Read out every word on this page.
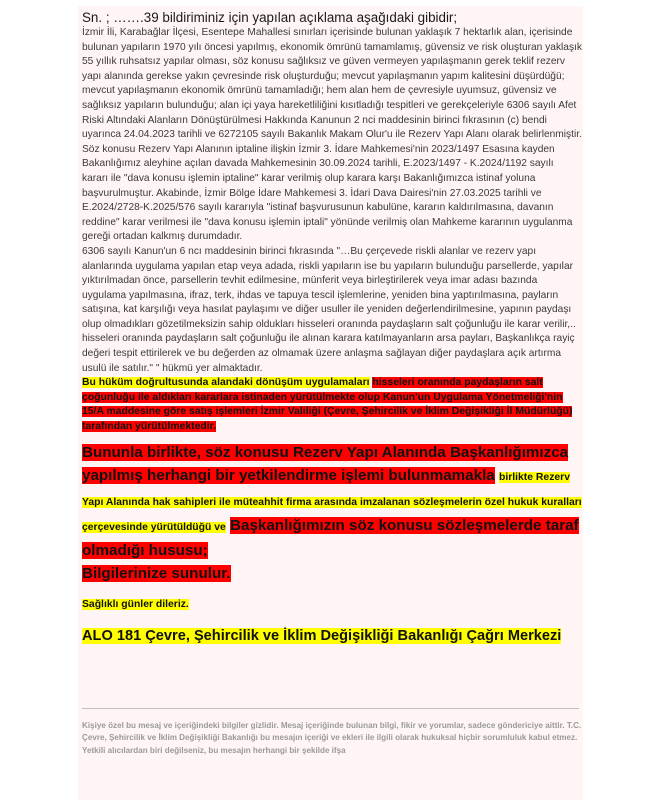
Sn. ; …….39 bildiriminiz için yapılan açıklama aşağıdaki gibidir;

İzmir İli, Karabağlar İlçesi, Esentepe Mahallesi sınırları içerisinde bulunan yaklaşık 7 hektarlık alan, içerisinde bulunan yapıların 1970 yılı öncesi yapılmış, ekonomik ömrünü tamamlamış, güvensiz ve risk oluşturan yaklaşık 55 yıllık ruhsatsız yapılar olması, söz konusu sağlıksız ve güven vermeyen yapılaşmanın gerek teklif rezerv yapı alanında gerekse yakın çevresinde risk oluşturduğu; mevcut yapılaşmanın yapım kalitesini düşürdüğü; mevcut yapılaşmanın ekonomik ömrünü tamamladığı; hem alan hem de çevresiyle uyumsuz, güvensiz ve sağlıksız yapıların bulunduğu; alan içi yaya hareketliliğini kısıtladığı tespitleri ve gerekçeleriyle 6306 sayılı Afet Riski Altındaki Alanların Dönüştürülmesi Hakkında Kanunun 2 nci maddesinin birinci fıkrasının (c) bendi uyarınca 24.04.2023 tarihli ve 6272105 sayılı Bakanlık Makam Olur'u ile Rezerv Yapı Alanı olarak belirlenmiştir.

Söz konusu Rezerv Yapı Alanının iptaline ilişkin İzmir 3. İdare Mahkemesi'nin 2023/1497 Esasına kayden Bakanlığımız aleyhine açılan davada Mahkemesinin 30.09.2024 tarihli, E.2023/1497 - K.2024/1192 sayılı kararı ile "dava konusu işlemin iptaline" karar verilmiş olup karara karşı Bakanlığımızca istinaf yoluna başvurulmuştur. Akabinde, İzmir Bölge İdare Mahkemesi 3. İdari Dava Dairesi'nin 27.03.2025 tarihli ve E.2024/2728-K.2025/576 sayılı kararıyla "istinaf başvurusunun kabulüne, kararın kaldırılmasına, davanın reddine" karar verilmesi ile "dava konusu işlemin iptali" yönünde verilmiş olan Mahkeme kararının uygulanma gereği ortadan kalkmış durumdadır.

6306 sayılı Kanun'un 6 ncı maddesinin birinci fıkrasında "…Bu çerçevede riskli alanlar ve rezerv yapı alanlarında uygulama yapılan etap veya adada, riskli yapıların ise bu yapıların bulunduğu parsellerde, yapılar yıktırılmadan önce, parsellerin tevhit edilmesine, münferit veya birleştirilerek veya imar adası bazında uygulama yapılmasına, ifraz, terk, ihdas ve tapuya tescil işlemlerine, yeniden bina yaptırılmasına, payların satışına, kat karşılığı veya hasılat paylaşımı ve diğer usuller ile yeniden değerlendirilmesine, yapının paydaşı olup olmadıkları gözetilmeksizin sahip oldukları hisseleri oranında paydaşların salt çoğunluğu ile karar verilir,.. hisseleri oranında paydaşların salt çoğunluğu ile alınan karara katılmayanların arsa payları, Başkanlıkça rayiç değeri tespit ettirilerek ve bu değerden az olmamak üzere anlaşma sağlayan diğer paydaşlara açık artırma usulü ile satılır." " hükmü yer almaktadır.

Bu hüküm doğrultusunda alandaki dönüşüm uygulamaları hisseleri oranında paydaşların salt çoğunluğu ile aldıkları kararlara istinaden yürütülmekte olup Kanun'un Uygulama Yönetmeliği'nin 15/A maddesine göre satış işlemleri İzmir Valiliği (Çevre, Şehircilik ve İklim Değişikliği İl Müdürlüğü) tarafından yürütülmektedir.

Bununla birlikte, söz konusu Rezerv Yapı Alanında Başkanlığımızca yapılmış herhangi bir yetkilendirme işlemi bulunmamakla birlikte Rezerv Yapı Alanında hak sahipleri ile müteahhit firma arasında imzalanan sözleşmelerin özel hukuk kuralları çerçevesinde yürütüldüğü ve Başkanlığımızın söz konusu sözleşmelerde taraf olmadığı hususu;
Bilgilerinize sunulur.

Sağlıklı günler dileriz.

ALO 181 Çevre, Şehircilik ve İklim Değişikliği Bakanlığı Çağrı Merkezi

Kişiye özel bu mesaj ve içeriğindeki bilgiler gizlidir. Mesaj içeriğinde bulunan bilgi, fikir ve yorumlar, sadece göndericiye aittir. T.C. Çevre, Şehircilik ve İklim Değişikliği Bakanlığı bu mesajın içeriği ve ekleri ile ilgili olarak hukuksal hiçbir sorumluluk kabul etmez. Yetkili alıcılardan biri değilseniz, bu mesajın herhangi bir şekilde ifşa
